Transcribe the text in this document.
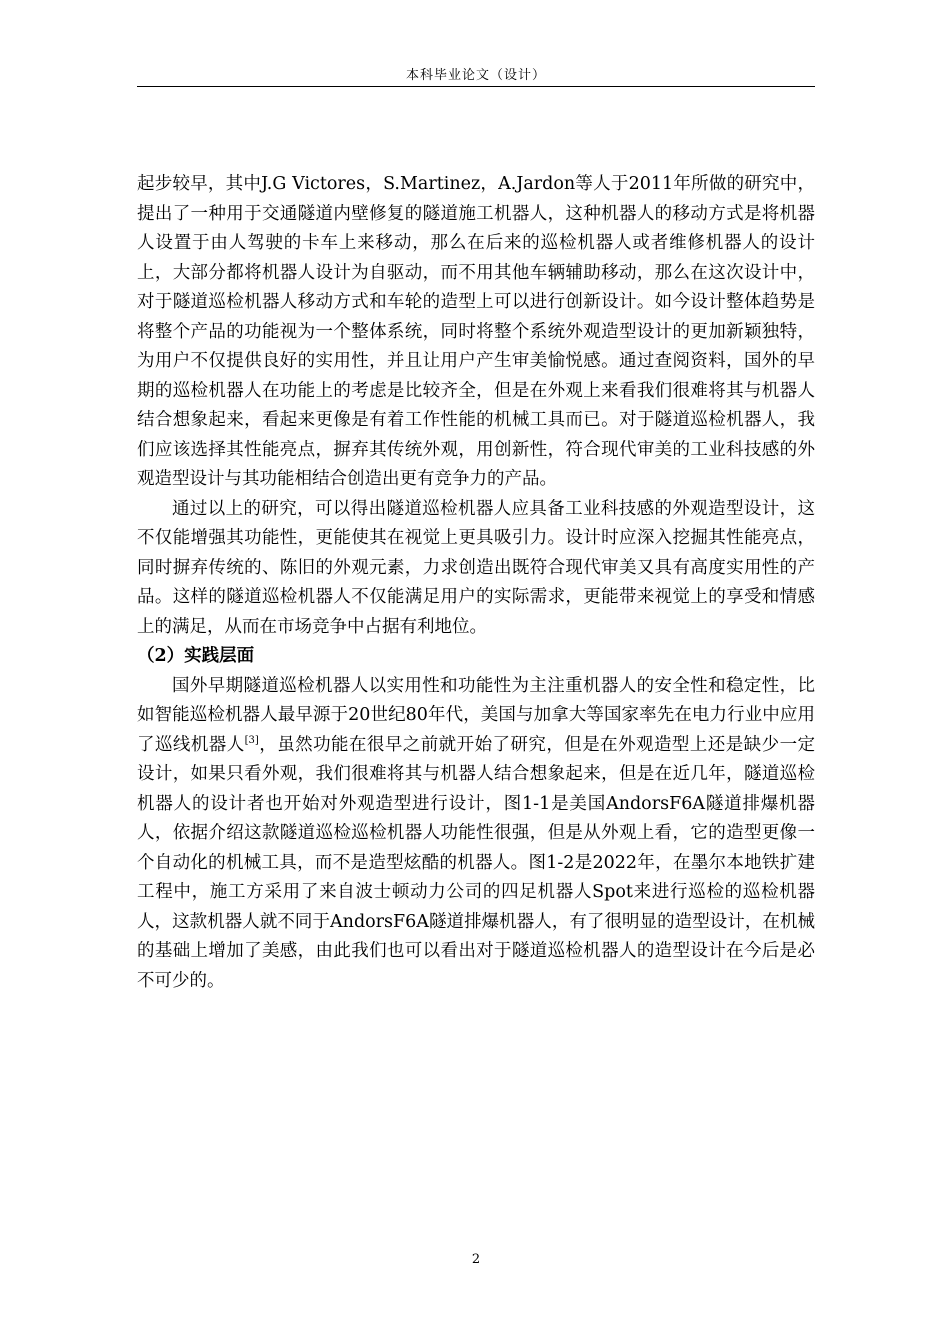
本科毕业论文（设计）

起步较早，其中J.G Victores，S.Martinez，A.Jardon等人于2011年所做的研究中，提出了一种用于交通隧道内壁修复的隧道施工机器人，这种机器人的移动方式是将机器人设置于由人驾驶的卡车上来移动，那么在后来的巡检机器人或者维修机器人的设计上，大部分都将机器人设计为自驱动，而不用其他车辆辅助移动，那么在这次设计中，对于隧道巡检机器人移动方式和车轮的造型上可以进行创新设计。如今设计整体趋势是将整个产品的功能视为一个整体系统，同时将整个系统外观造型设计的更加新颖独特，为用户不仅提供良好的实用性，并且让用户产生审美愉悦感。通过查阅资料，国外的早期的巡检机器人在功能上的考虑是比较齐全，但是在外观上来看我们很难将其与机器人结合想象起来，看起来更像是有着工作性能的机械工具而已。对于隧道巡检机器人，我们应该选择其性能亮点，摒弃其传统外观，用创新性，符合现代审美的工业科技感的外观造型设计与其功能相结合创造出更有竞争力的产品。

通过以上的研究，可以得出隧道巡检机器人应具备工业科技感的外观造型设计，这不仅能增强其功能性，更能使其在视觉上更具吸引力。设计时应深入挖掘其性能亮点，同时摒弃传统的、陈旧的外观元素，力求创造出既符合现代审美又具有高度实用性的产品。这样的隧道巡检机器人不仅能满足用户的实际需求，更能带来视觉上的享受和情感上的满足，从而在市场竞争中占据有利地位。

（2）实践层面

国外早期隧道巡检机器人以实用性和功能性为主注重机器人的安全性和稳定性，比如智能巡检机器人最早源于20世纪80年代，美国与加拿大等国家率先在电力行业中应用了巡线机器人[3]，虽然功能在很早之前就开始了研究，但是在外观造型上还是缺少一定设计，如果只看外观，我们很难将其与机器人结合想象起来，但是在近几年，隧道巡检机器人的设计者也开始对外观造型进行设计，图1-1是美国AndorsF6A隧道排爆机器人，依据介绍这款隧道巡检巡检机器人功能性很强，但是从外观上看，它的造型更像一个自动化的机械工具，而不是造型炫酷的机器人。图1-2是2022年，在墨尔本地铁扩建工程中，施工方采用了来自波士顿动力公司的四足机器人Spot来进行巡检的巡检机器人，这款机器人就不同于AndorsF6A隧道排爆机器人，有了很明显的造型设计，在机械的基础上增加了美感，由此我们也可以看出对于隧道巡检机器人的造型设计在今后是必不可少的。

2
